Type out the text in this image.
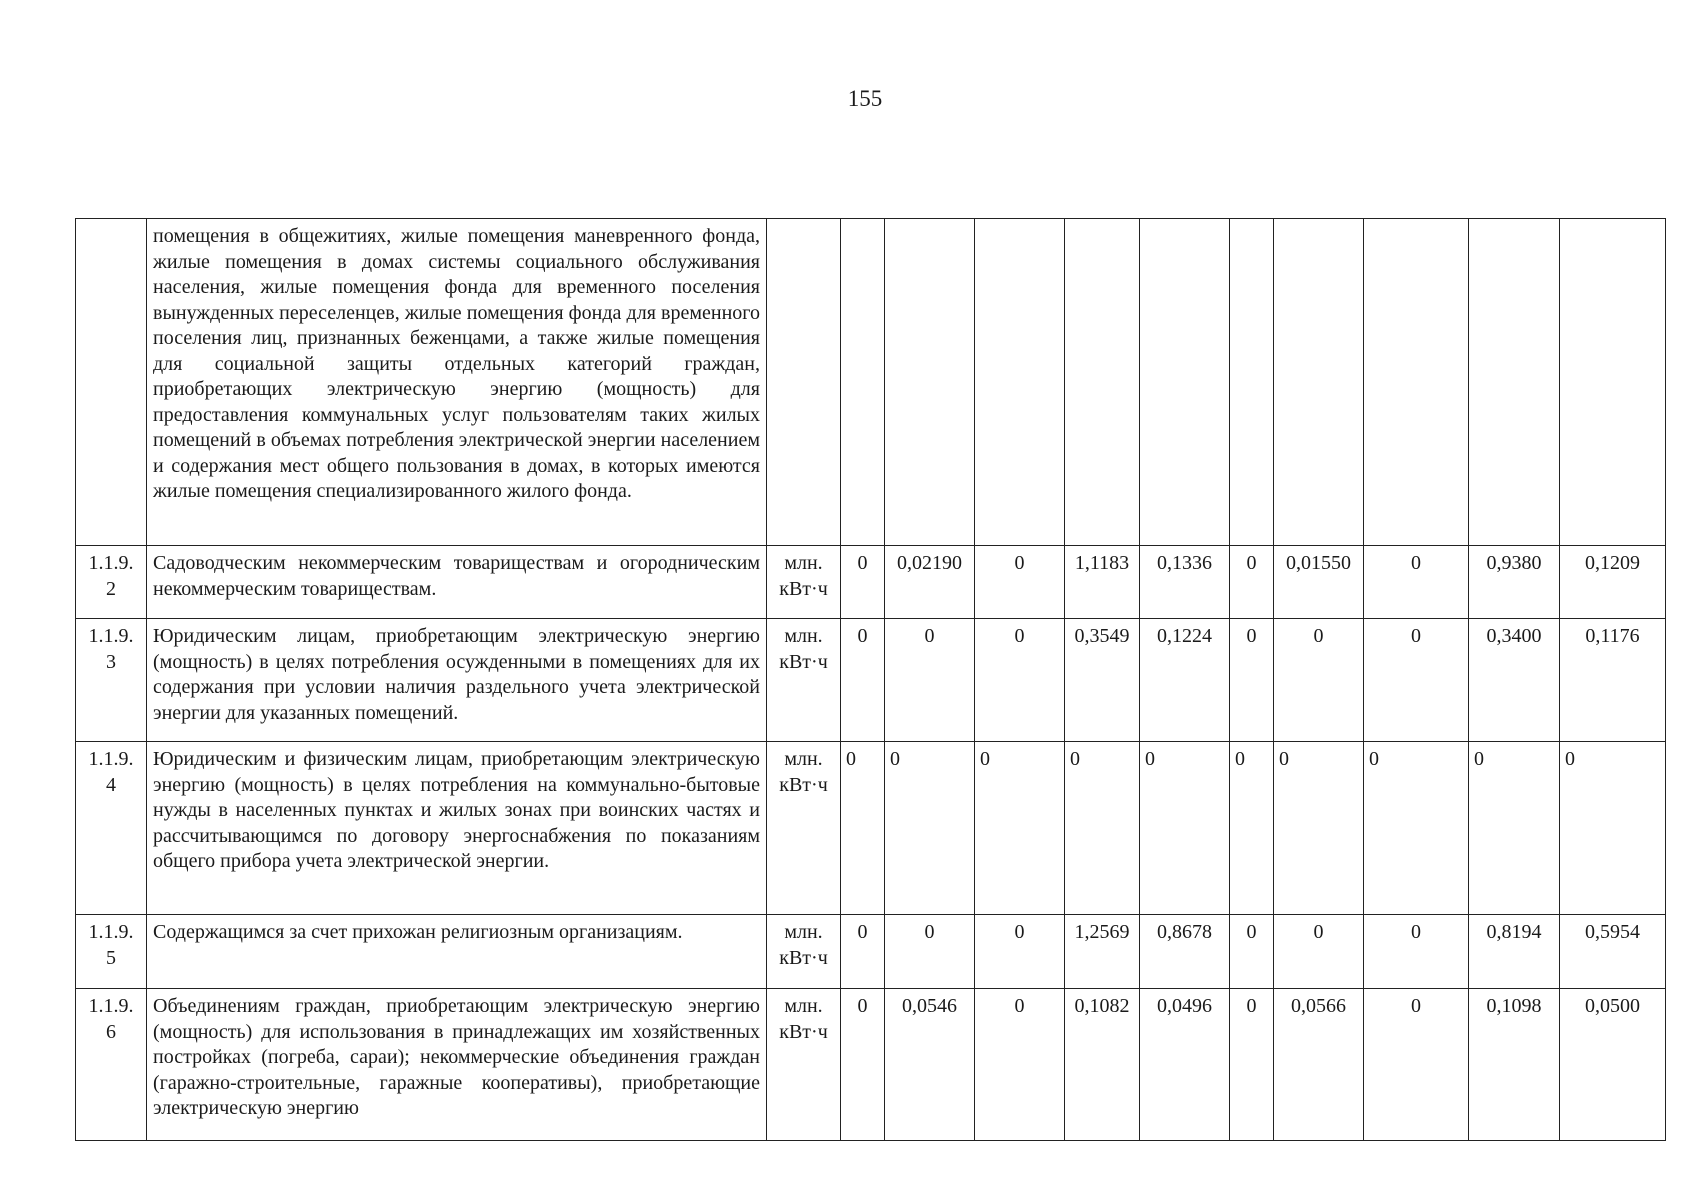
155
	помещения в общежитиях, жилые помещения маневренного фонда, жилые помещения в домах системы социального обслуживания населения, жилые помещения фонда для временного поселения вынужденных переселенцев, жилые помещения фонда для временного поселения лиц, признанных беженцами, а также жилые помещения для социальной защиты отдельных категорий граждан, приобретающих электрическую энергию (мощность) для предоставления коммунальных услуг пользователям таких жилых помещений в объемах потребления электрической энергии населением и содержания мест общего пользования в домах, в которых имеются жилые помещения специализированного жилого фонда.											
1.1.9. 2	Садоводческим некоммерческим товариществам и огородническим некоммерческим товариществам.	млн. кВт·ч	0	0,02190	0	1,1183	0,1336	0	0,01550	0	0,9380	0,1209
1.1.9. 3	Юридическим лицам, приобретающим электрическую энергию (мощность) в целях потребления осужденными в помещениях для их содержания при условии наличия раздельного учета электрической энергии для указанных помещений.	млн. кВт·ч	0	0	0	0,3549	0,1224	0	0	0	0,3400	0,1176
1.1.9. 4	Юридическим и физическим лицам, приобретающим электрическую энергию (мощность) в целях потребления на коммунально-бытовые нужды в населенных пунктах и жилых зонах при воинских частях и рассчитывающимся по договору энергоснабжения по показаниям общего прибора учета электрической энергии.	млн. кВт·ч	0	0	0	0	0	0	0	0	0	0
1.1.9. 5	Содержащимся за счет прихожан религиозным организациям.	млн. кВт·ч	0	0	0	1,2569	0,8678	0	0	0	0,8194	0,5954
1.1.9. 6	Объединениям граждан, приобретающим электрическую энергию (мощность) для использования в принадлежащих им хозяйственных постройках (погреба, сараи); некоммерческие объединения граждан (гаражно-строительные, гаражные кооперативы), приобретающие электрическую энергию	млн. кВт·ч	0	0,0546	0	0,1082	0,0496	0	0,0566	0	0,1098	0,0500
